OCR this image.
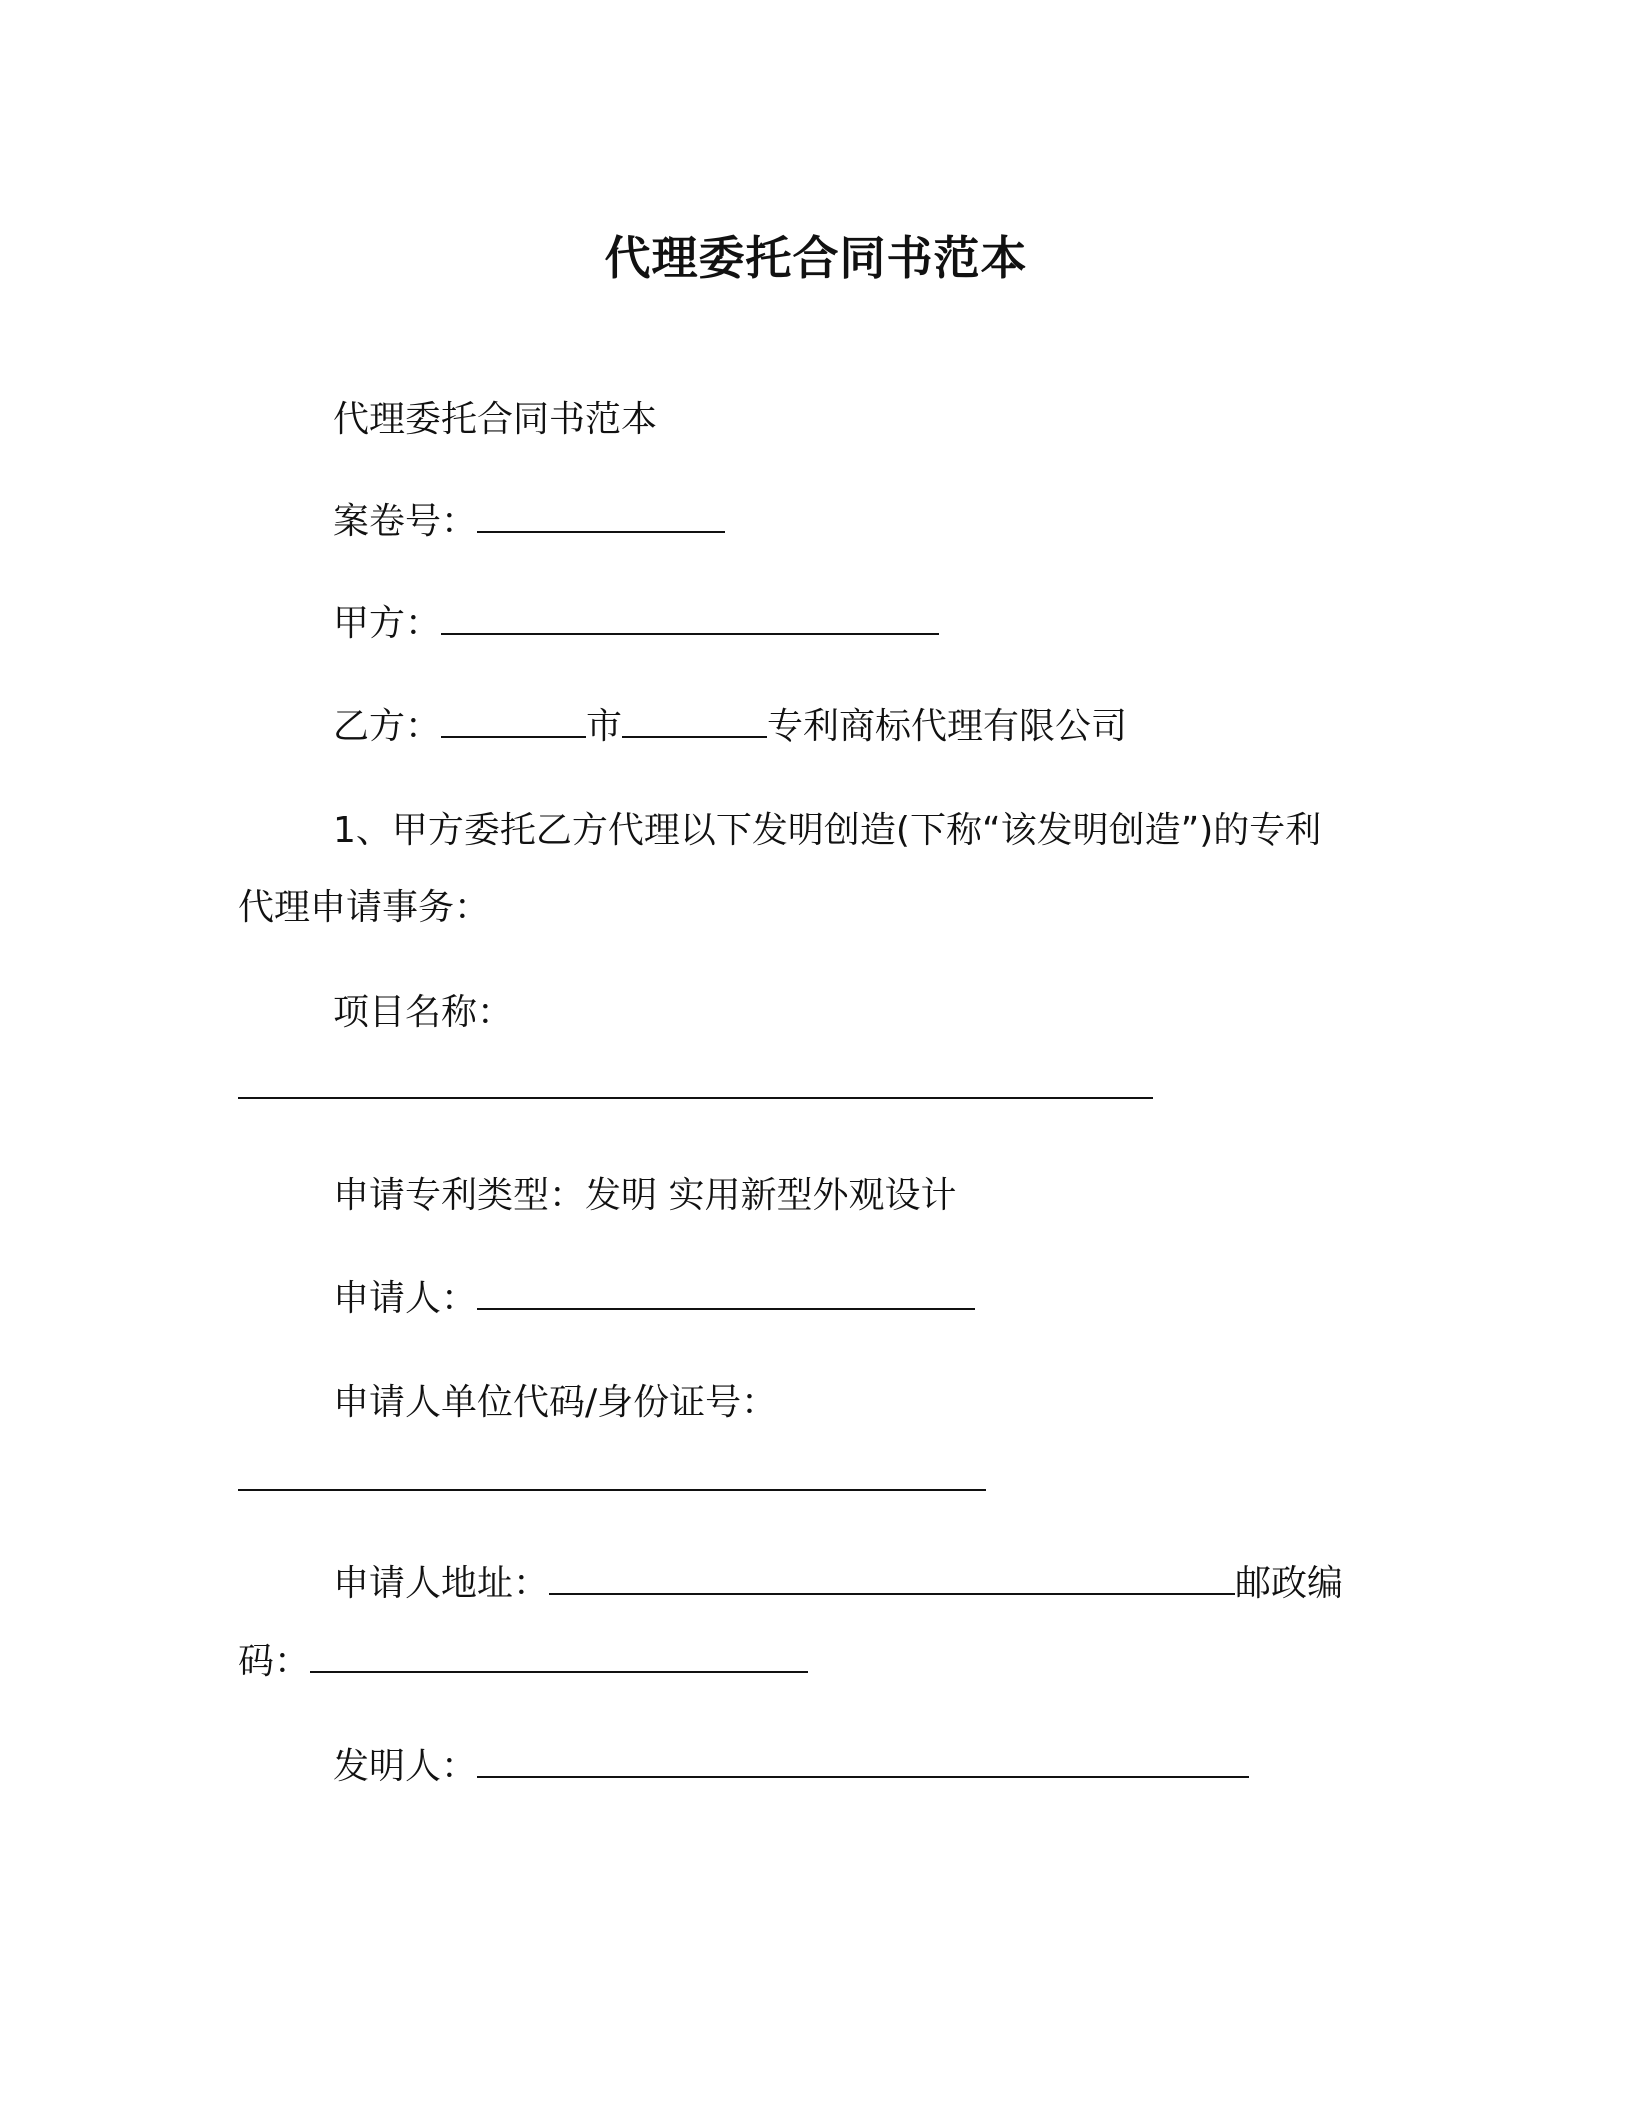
代理委托合同书范本
代理委托合同书范本
案卷号：
甲方：
乙方：	市	专利商标代理有限公司
1、甲方委托乙方代理以下发明创造(下称“该发明创造”)的专利
代理申请事务：
项目名称：
申请专利类型：发明 实用新型外观设计
申请人：
申请人单位代码/身份证号：
申请人地址：	邮政编
码：
发明人：
